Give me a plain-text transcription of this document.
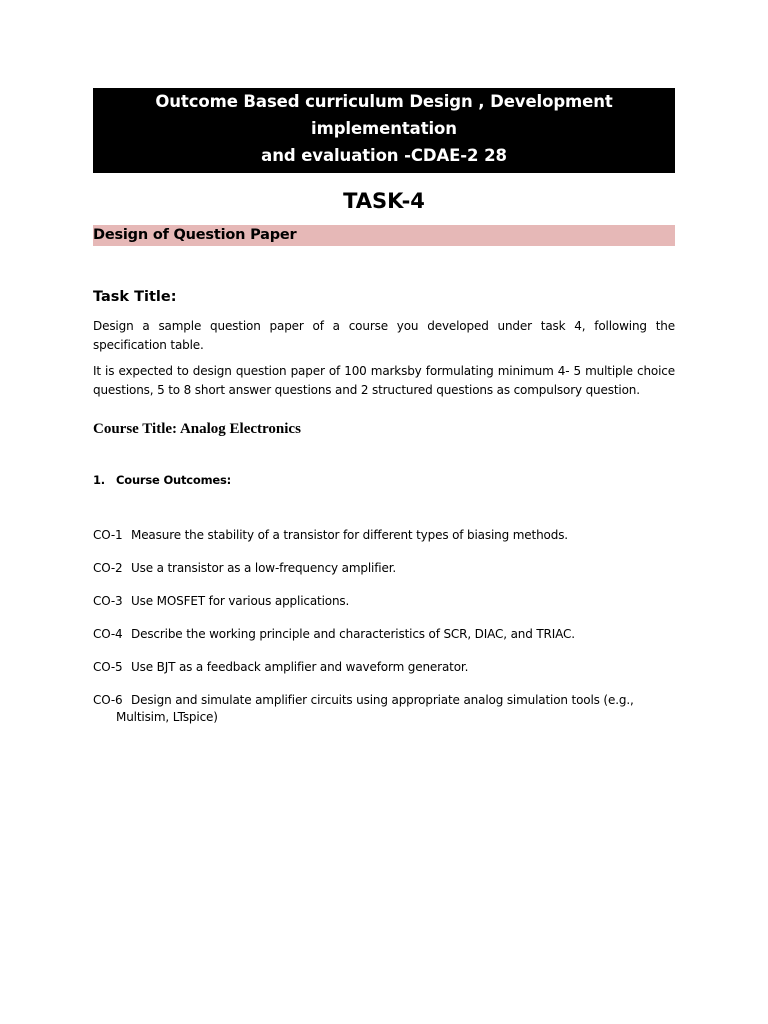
Outcome Based curriculum Design , Development implementation
and evaluation -CDAE-2 28
July – 1st August 2025
TASK-4
Design of Question Paper
Task Title:

Design a sample question paper of a course you developed under task 4, following the specification table.

It is expected to design question paper of 100 marksby formulating minimum 4- 5 multiple choice questions, 5 to 8 short answer questions and 2 structured questions as compulsory question.

Course Title: Analog Electronics
1. Course Outcomes:
CO-1 Measure the stability of a transistor for different types of biasing methods.
CO-2 Use a transistor as a low-frequency amplifier.
CO-3 Use MOSFET for various applications.
CO-4 Describe the working principle and characteristics of SCR, DIAC, and TRIAC.
CO-5 Use BJT as a feedback amplifier and waveform generator.
CO-6 Design and simulate amplifier circuits using appropriate analog simulation tools (e.g., Multisim, LTspice)
